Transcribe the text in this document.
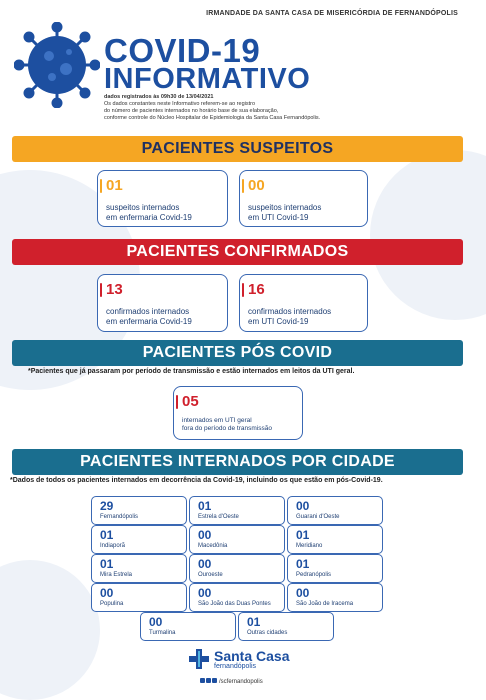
IRMANDADE DA SANTA CASA DE MISERICÓRDIA DE FERNANDÓPOLIS
COVID-19
INFORMATIVO
dados registrados às 09h30 de 13/04/2021
Os dados constantes neste Informativo referem-se ao registro
do número de pacientes internados no horário base de sua elaboração,
conforme controle do Núcleo Hospitalar de Epidemiologia da Santa Casa Fernandópolis.
PACIENTES SUSPEITOS
01
suspeitos internados
em enfermaria Covid-19
00
suspeitos internados
em UTI Covid-19
PACIENTES CONFIRMADOS
13
confirmados internados
em enfermaria Covid-19
16
confirmados internados
em UTI Covid-19
PACIENTES PÓS COVID
*Pacientes que já passaram por período de transmissão e estão internados em leitos da UTI geral.
05
internados em UTI geral
fora do período de transmissão
PACIENTES INTERNADOS POR CIDADE
*Dados de todos os pacientes internados em decorrência da Covid-19, incluindo os que estão em pós-Covid-19.
29
Fernandópolis
01
Estrela d'Oeste
00
Guarani d'Oeste
01
Indiaporã
00
Macedônia
01
Meridiano
01
Mira Estrela
00
Ouroeste
01
Pedranópolis
00
Populina
00
São João das Duas Pontes
00
São João de Iracema
00
Turmalina
01
Outras cidades
Santa Casa
fernandópolis
/scfernandopolis
